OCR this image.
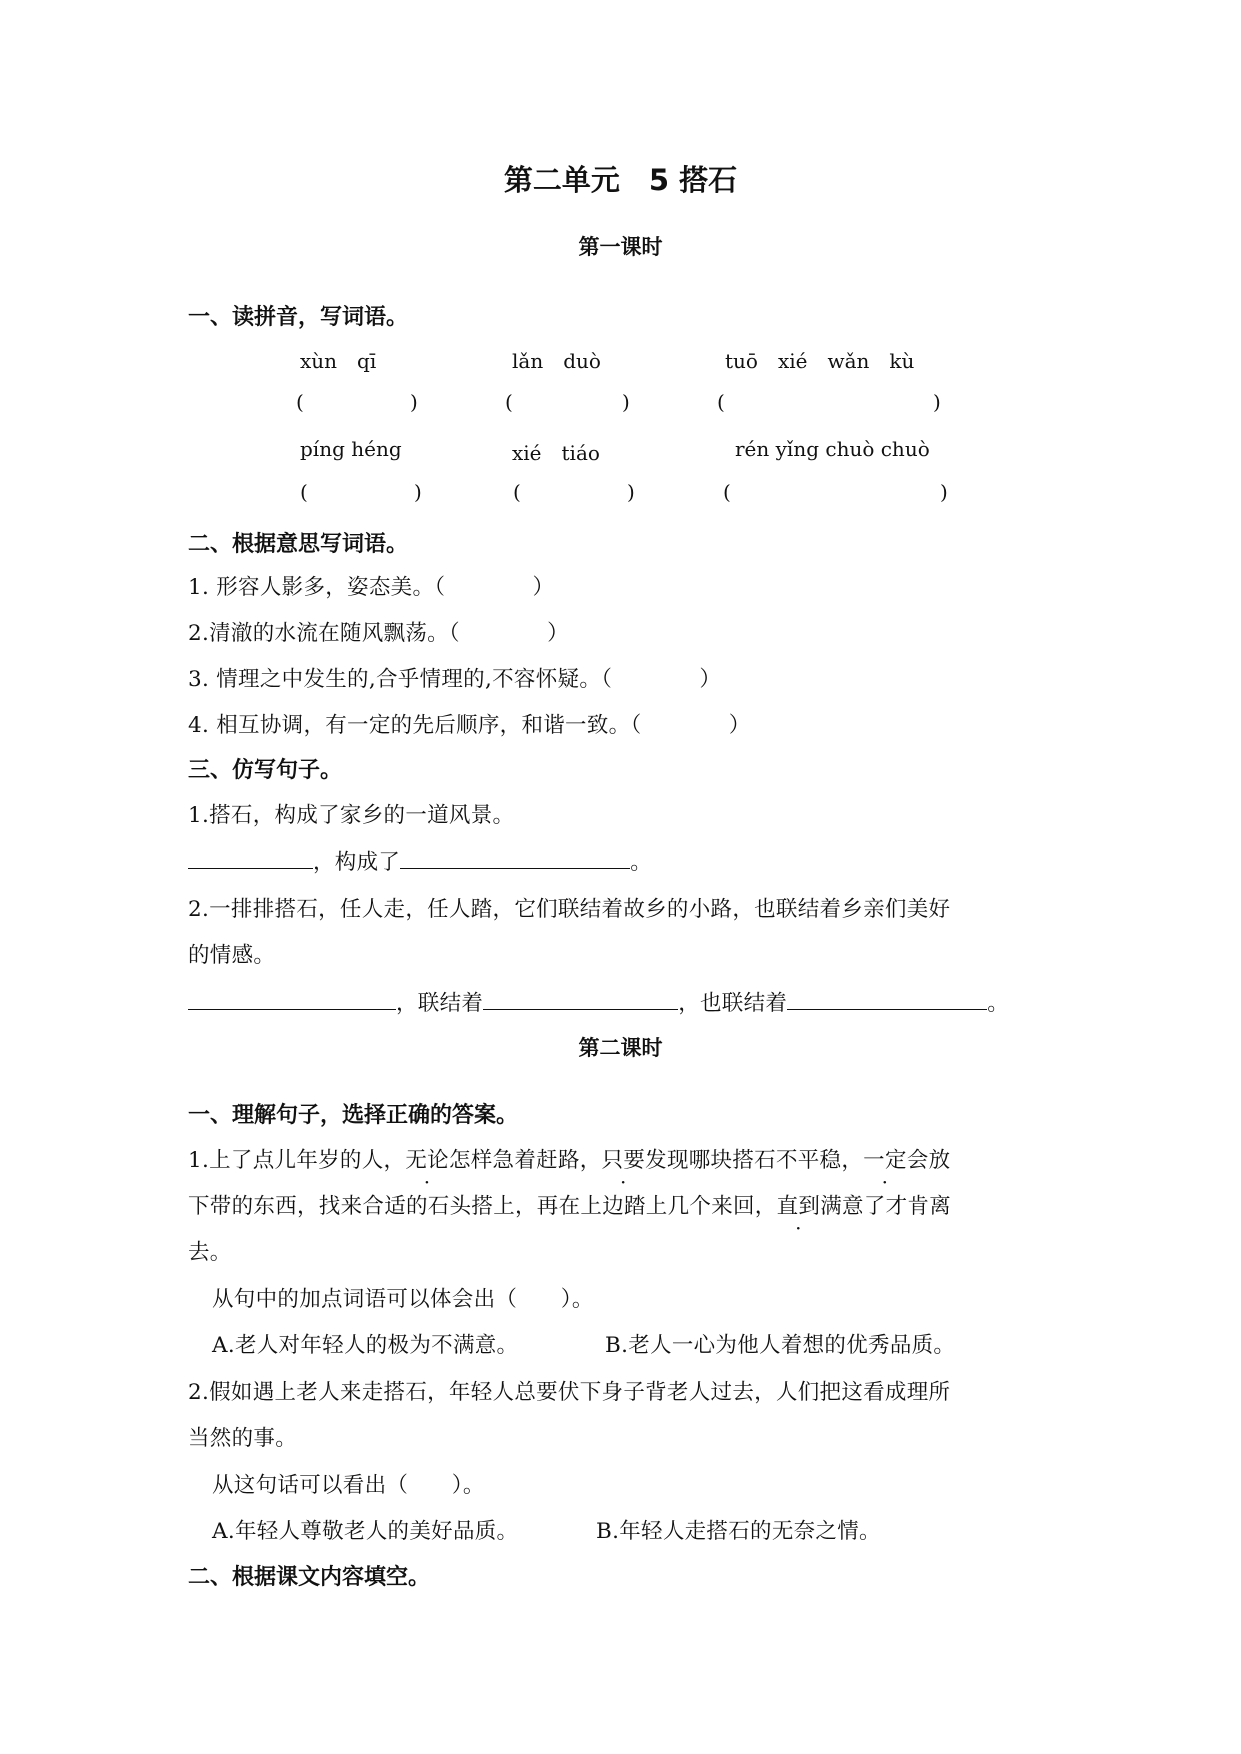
第二单元　5 搭石
第一课时
一、读拼音，写词语。
xùn　qī	lǎn　duò	tuō　xié　wǎn　kù
(	)	(	)	(	)
píng héng	xié　tiáo	rén yǐng chuò chuò
(	)	(	)	(	)
二、根据意思写词语。
1. 形容人影多，姿态美。（　　　　）
2.清澈的水流在随风飘荡。（　　　　）
3. 情理之中发生的,合乎情理的,不容怀疑。（　　　　）
4. 相互协调，有一定的先后顺序，和谐一致。（　　　　）
三、仿写句子。
1.搭石，构成了家乡的一道风景。
，构成了	。
2.一排排搭石，任人走，任人踏，它们联结着故乡的小路，也联结着乡亲们美好
的情感。
，联结着	，也联结着	。
第二课时
一、理解句子，选择正确的答案。
1.上了点儿年岁的人，无论怎样急着赶路，只要发现哪块搭石不平稳，一定会放
下带的东西，找来合适的石头搭上，再在上边踏上几个来回，直到满意了才肯离
去。
从句中的加点词语可以体会出（　　）。
A.老人对年轻人的极为不满意。	B.老人一心为他人着想的优秀品质。
2.假如遇上老人来走搭石，年轻人总要伏下身子背老人过去，人们把这看成理所
当然的事。
从这句话可以看出（　　）。
A.年轻人尊敬老人的美好品质。	B.年轻人走搭石的无奈之情。
二、根据课文内容填空。
